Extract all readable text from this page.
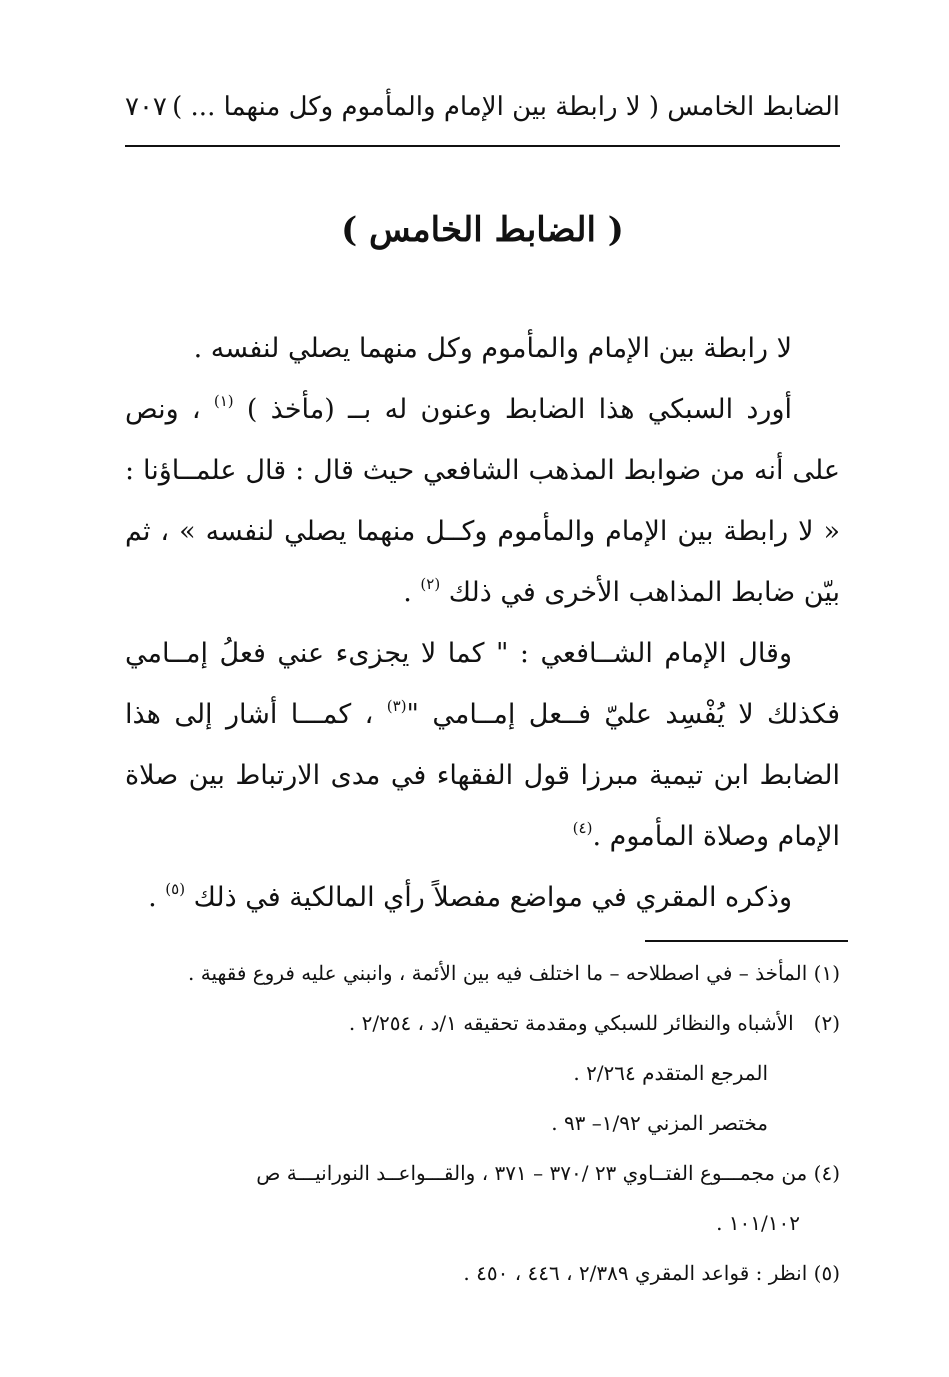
الضابط الخامس ( لا رابطة بين الإمام والمأموم وكل منهما ... )
٧٠٧
( الضابط الخامس )

لا رابطة بين الإمام والمأموم وكل منهما يصلي لنفسه .

أورد السبكي هذا الضابط وعنون له بــ (مأخذ ) $^{(١)}$ ، ونص على أنه من ضوابط المذهب الشافعي حيث قال : قال علمــاؤنا : « لا رابطة بين الإمام والمأموم وكــل منهما يصلي لنفسه » ، ثم بيّن ضابط المذاهب الأخرى في ذلك $^{(٢)}$ .

وقال الإمام الشــافعي : " كما لا يجزىء عني فعلُ إمــامي فكذلك لا يُفْسِد عليّ فــعل إمــامي "$^{(٣)}$ ، كمـــا أشار إلى هذا الضابط ابن تيمية مبرزا قول الفقهاء في مدى الارتباط بين صلاة الإمام وصلاة المأموم .$^{(٤)}$

وذكره المقري في مواضع مفصلاً رأي المالكية في ذلك $^{(٥)}$ .

(١) المأخذ – في اصطلاحه – ما اختلف فيه بين الأئمة ، وانبني عليه فروع فقهية .

(٢) الأشباه والنظائر للسبكي ومقدمة تحقيقه ١/د ، ٢/٢٥٤ .

المرجع المتقدم ٢/٢٦٤ .

مختصر المزني ١/٩٢– ٩٣ .

(٤) من مجمـــوع الفتــاوي ٢٣ /٣٧٠ – ٣٧١ ، والقـــواعــد النورانيـــة ص

١٠١/١٠٢ .

(٥) انظر : قواعد المقري ٢/٣٨٩ ، ٤٤٦ ، ٤٥٠ .
